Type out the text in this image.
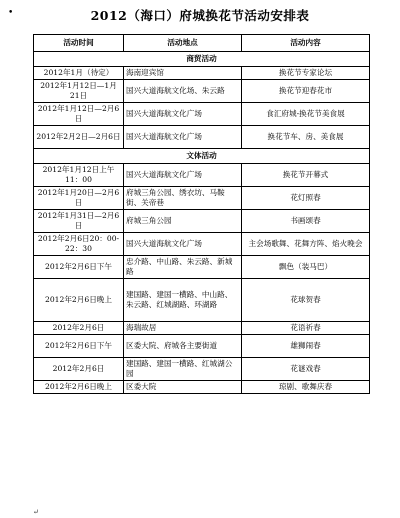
•	2012（海口）府城换花节活动安排表
活动时间	活动地点	活动内容
商贸活动		
2012年1月（待定）	海南迎宾馆	换花节专家论坛
2012年1月12日—1月21日	国兴大道海航文化场、朱云路	换花节迎春花市
2012年1月12日—2月6日	国兴大道海航文化广场	食汇府城-换花节美食展
2012年2月2日—2月6日	国兴大道海航文化广场	换花节车、房、美食展
文体活动		
2012年1月12日上午11：00	国兴大道海航文化广场	换花节开幕式
2012年1月20日—2月6日	府城三角公园、绣衣坊、马鞍街、关帝巷	花灯照春
2012年1月31日—2月6日	府城三角公园	书画颂春
2012年2月6日20：00-22：30	国兴大道海航文化广场	主会场歌舞、花舞方阵、焰火晚会
2012年2月6日下午	忠介路、中山路、朱云路、新城路	飘色（装马巴）
2012年2月6日晚上	建国路、建国一横路、中山路、朱云路、红城湖路、环湖路	花球贺春
2012年2月6日	海瑞故居	花语祈春
2012年2月6日下午	区委大院、府城各主要街道	雄狮闹春
2012年2月6日	建国路、建国一横路、红城湖公园	花谜戏春
2012年2月6日晚上	区委大院	琼剧、歌舞庆春
↵
